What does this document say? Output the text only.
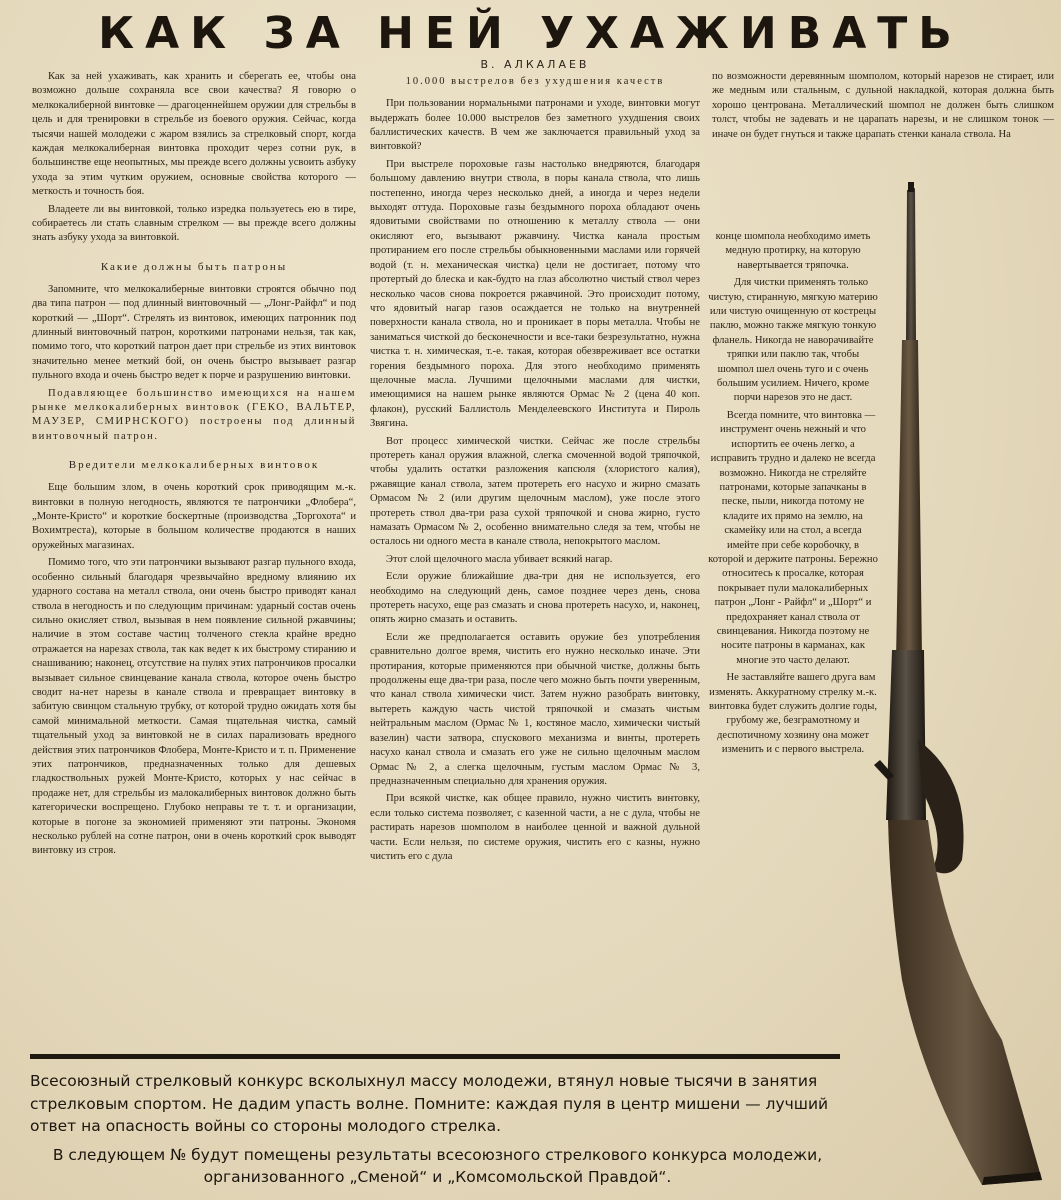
КАК ЗА НЕЙ УХАЖИВАТЬ

Как за ней ухаживать, как хранить и сберегать ее, чтобы она возможно дольше сохраняла все свои качества? Я говорю о мелкокалиберной винтовке — драгоценнейшем оружии для стрельбы в цель и для тренировки в стрельбе из боевого оружия. Сейчас, когда тысячи нашей молодежи с жаром взялись за стрелковый спорт, когда каждая мелкокалиберная винтовка проходит через сотни рук, в большинстве еще неопытных, мы прежде всего должны усвоить азбуку ухода за этим чутким оружием, основные свойства которого — меткость и точность боя.

Владеете ли вы винтовкой, только изредка пользуетесь ею в тире, собираетесь ли стать славным стрелком — вы прежде всего должны знать азбуку ухода за винтовкой.

Какие должны быть патроны

Запомните, что мелкокалиберные винтовки строятся обычно под два типа патрон — под длинный винтовочный — „Лонг-Райфл“ и под короткий — „Шорт“. Стрелять из винтовок, имеющих патронник под длинный винтовочный патрон, короткими патронами нельзя, так как, помимо того, что короткий патрон дает при стрельбе из этих винтовок значительно менее меткий бой, он очень быстро вызывает разгар пульного входа и очень быстро ведет к порче и разрушению винтовки.

Подавляющее большинство имеющихся на нашем рынке мелкокалиберных винтовок (ГЕКО, ВАЛЬТЕР, МАУЗЕР, СМИРНСКОГО) построены под длинный винтовочный патрон.

Вредители мелкокалиберных винтовок

Еще большим злом, в очень короткий срок приводящим м.-к. винтовки в полную негодность, являются те патрончики „Флобера“, „Монте-Кристо“ и короткие боскертные (производства „Торгохота“ и Вохимтреста), которые в большом количестве продаются в наших оружейных магазинах.

Помимо того, что эти патрончики вызывают разгар пульного входа, особенно сильный благодаря чрезвычайно вредному влиянию их ударного состава на металл ствола, они очень быстро приводят канал ствола в негодность и по следующим причинам: ударный состав очень сильно окисляет ствол, вызывая в нем появление сильной ржавчины; наличие в этом составе частиц толченого стекла крайне вредно отражается на нарезах ствола, так как ведет к их быстрому стиранию и снашиванию; наконец, отсутствие на пулях этих патрончиков просалки вызывает сильное свинцевание канала ствола, которое очень быстро сводит на-нет нарезы в канале ствола и превращает винтовку в забитую свинцом стальную трубку, от которой трудно ожидать хотя бы самой минимальной меткости. Самая тщательная чистка, самый тщательный уход за винтовкой не в силах парализовать вредного действия этих патрончиков Флобера, Монте-Кристо и т. п. Применение этих патрончиков, предназначенных только для дешевых гладкоствольных ружей Монте-Кристо, которых у нас сейчас в продаже нет, для стрельбы из малокалиберных винтовок должно быть категорически воспрещено. Глубоко неправы те т. т. и организации, которые в погоне за экономией применяют эти патроны. Экономя несколько рублей на сотне патрон, они в очень короткий срок выводят винтовку из строя.

В. АЛКАЛАЕВ
10.000 выстрелов без ухудшения качеств

При пользовании нормальными патронами и уходе, винтовки могут выдержать более 10.000 выстрелов без заметного ухудшения своих баллистических качеств. В чем же заключается правильный уход за винтовкой?

При выстреле пороховые газы настолько внедряются, благодаря большому давлению внутри ствола, в поры канала ствола, что лишь постепенно, иногда через несколько дней, а иногда и через недели выходят оттуда. Пороховые газы бездымного пороха обладают очень ядовитыми свойствами по отношению к металлу ствола — они окисляют его, вызывают ржавчину. Чистка канала простым протиранием его после стрельбы обыкновенными маслами или горячей водой (т. н. механическая чистка) цели не достигает, потому что протертый до блеска и как-будто на глаз абсолютно чистый ствол через несколько часов снова покроется ржавчиной. Это происходит потому, что ядовитый нагар газов осаждается не только на внутренней поверхности канала ствола, но и проникает в поры металла. Чтобы не заниматься чисткой до бесконечности и все-таки безрезультатно, нужна чистка т. н. химическая, т.-е. такая, которая обезвреживает все остатки горения бездымного пороха. Для этого необходимо применять щелочные масла. Лучшими щелочными маслами для чистки, имеющимися на нашем рынке являются Ормас № 2 (цена 40 коп. флакон), русский Баллистоль Менделеевского Института и Пироль Звягина.

Вот процесс химической чистки. Сейчас же после стрельбы протереть канал оружия влажной, слегка смоченной водой тряпочкой, чтобы удалить остатки разложения капсюля (хлористого калия), ржавящие канал ствола, затем протереть его насухо и жирно смазать Ормасом № 2 (или другим щелочным маслом), уже после этого протереть ствол два-три раза сухой тряпочкой и снова жирно, густо намазать Ормасом № 2, особенно внимательно следя за тем, чтобы не осталось ни одного места в канале ствола, непокрытого маслом.

Этот слой щелочного масла убивает всякий нагар.

Если оружие ближайшие два-три дня не используется, его необходимо на следующий день, самое позднее через день, снова протереть насухо, еще раз смазать и снова протереть насухо, и, наконец, опять жирно смазать и оставить.

Если же предполагается оставить оружие без употребления сравнительно долгое время, чистить его нужно несколько иначе. Эти протирания, которые применяются при обычной чистке, должны быть продолжены еще два-три раза, после чего можно быть почти уверенным, что канал ствола химически чист. Затем нужно разобрать винтовку, вытереть каждую часть чистой тряпочкой и смазать чистым нейтральным маслом (Ормас № 1, костяное масло, химически чистый вазелин) части затвора, спускового механизма и винты, протереть насухо канал ствола и смазать его уже не сильно щелочным маслом Ормас № 2, а слегка щелочным, густым маслом Ормас № 3, предназначенным специально для хранения оружия.

При всякой чистке, как общее правило, нужно чистить винтовку, если только система позволяет, с казенной части, а не с дула, чтобы не растирать нарезов шомполом в наиболее ценной и важной дульной части. Если нельзя, по системе оружия, чистить его с казны, нужно чистить его с дула

по возможности деревянным шомполом, который нарезов не стирает, или же медным или стальным, с дульной накладкой, которая должна быть хорошо центрована. Металлический шомпол не должен быть слишком толст, чтобы не задевать и не царапать нарезы, и не слишком тонок — иначе он будет гнуться и также царапать стенки канала ствола. На

конце шомпола необходимо иметь медную протирку, на которую навертывается тряпочка.

Для чистки применять только чистую, стиранную, мягкую материю или чистую очищенную от кострецы паклю, можно также мягкую тонкую фланель. Никогда не наворачивайте тряпки или паклю так, чтобы шомпол шел очень туго и с очень большим усилием. Ничего, кроме порчи нарезов это не даст.

Всегда помните, что винтовка — инструмент очень нежный и что испортить ее очень легко, а исправить трудно и далеко не всегда возможно. Никогда не стреляйте патронами, которые запачканы в песке, пыли, никогда потому не кладите их прямо на землю, на скамейку или на стол, а всегда имейте при себе коробочку, в которой и держите патроны. Бережно относитесь к просалке, которая покрывает пули малокалиберных патрон „Лонг - Райфл“ и „Шорт“ и предохраняет канал ствола от свинцевания. Никогда поэтому не носите патроны в карманах, как многие это часто делают.

Не заставляйте вашего друга вам изменять. Аккуратному стрелку м.-к. винтовка будет служить долгие годы, грубому же, безграмотному и деспотичному хозяину она может изменить и с первого выстрела.

Всесоюзный стрелковый конкурс всколыхнул массу молодежи, втянул новые тысячи в занятия стрелковым спортом. Не дадим упасть волне. Помните: каждая пуля в центр мишени — лучший ответ на опасность войны со стороны молодого стрелка.

В следующем № будут помещены результаты всесоюзного стрелкового конкурса молодежи, организованного „Сменой“ и „Комсомольской Правдой“.
